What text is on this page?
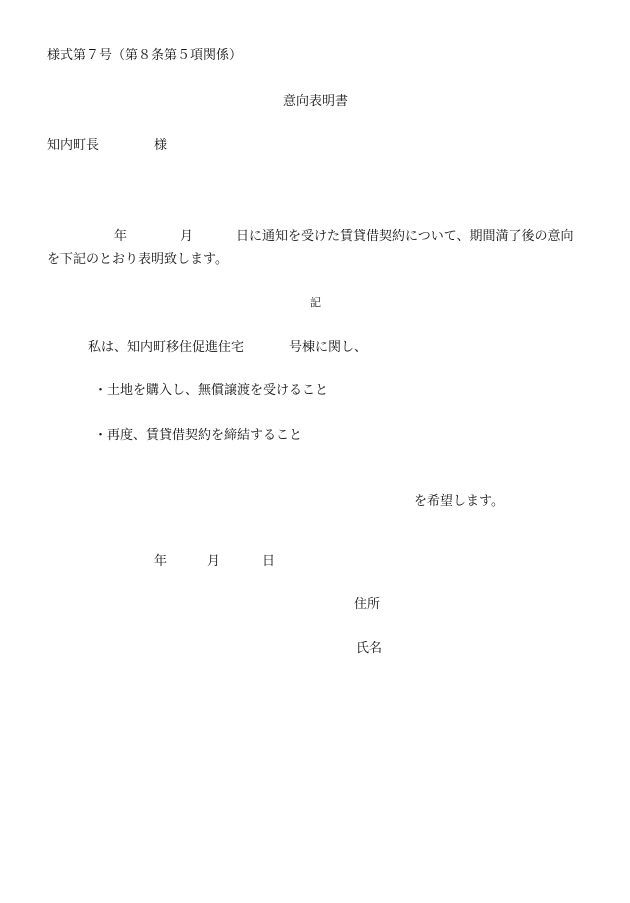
様式第７号（第８条第５項関係）
意向表明書
知内町長	様
年	月	日に通知を受けた賃貸借契約について、期間満了後の意向
を下記のとおり表明致します。
記
私は、知内町移住促進住宅	号棟に関し、
・土地を購入し、無償譲渡を受けること
・再度、賃貸借契約を締結すること
を希望します。
年	月	日
住所
氏名
